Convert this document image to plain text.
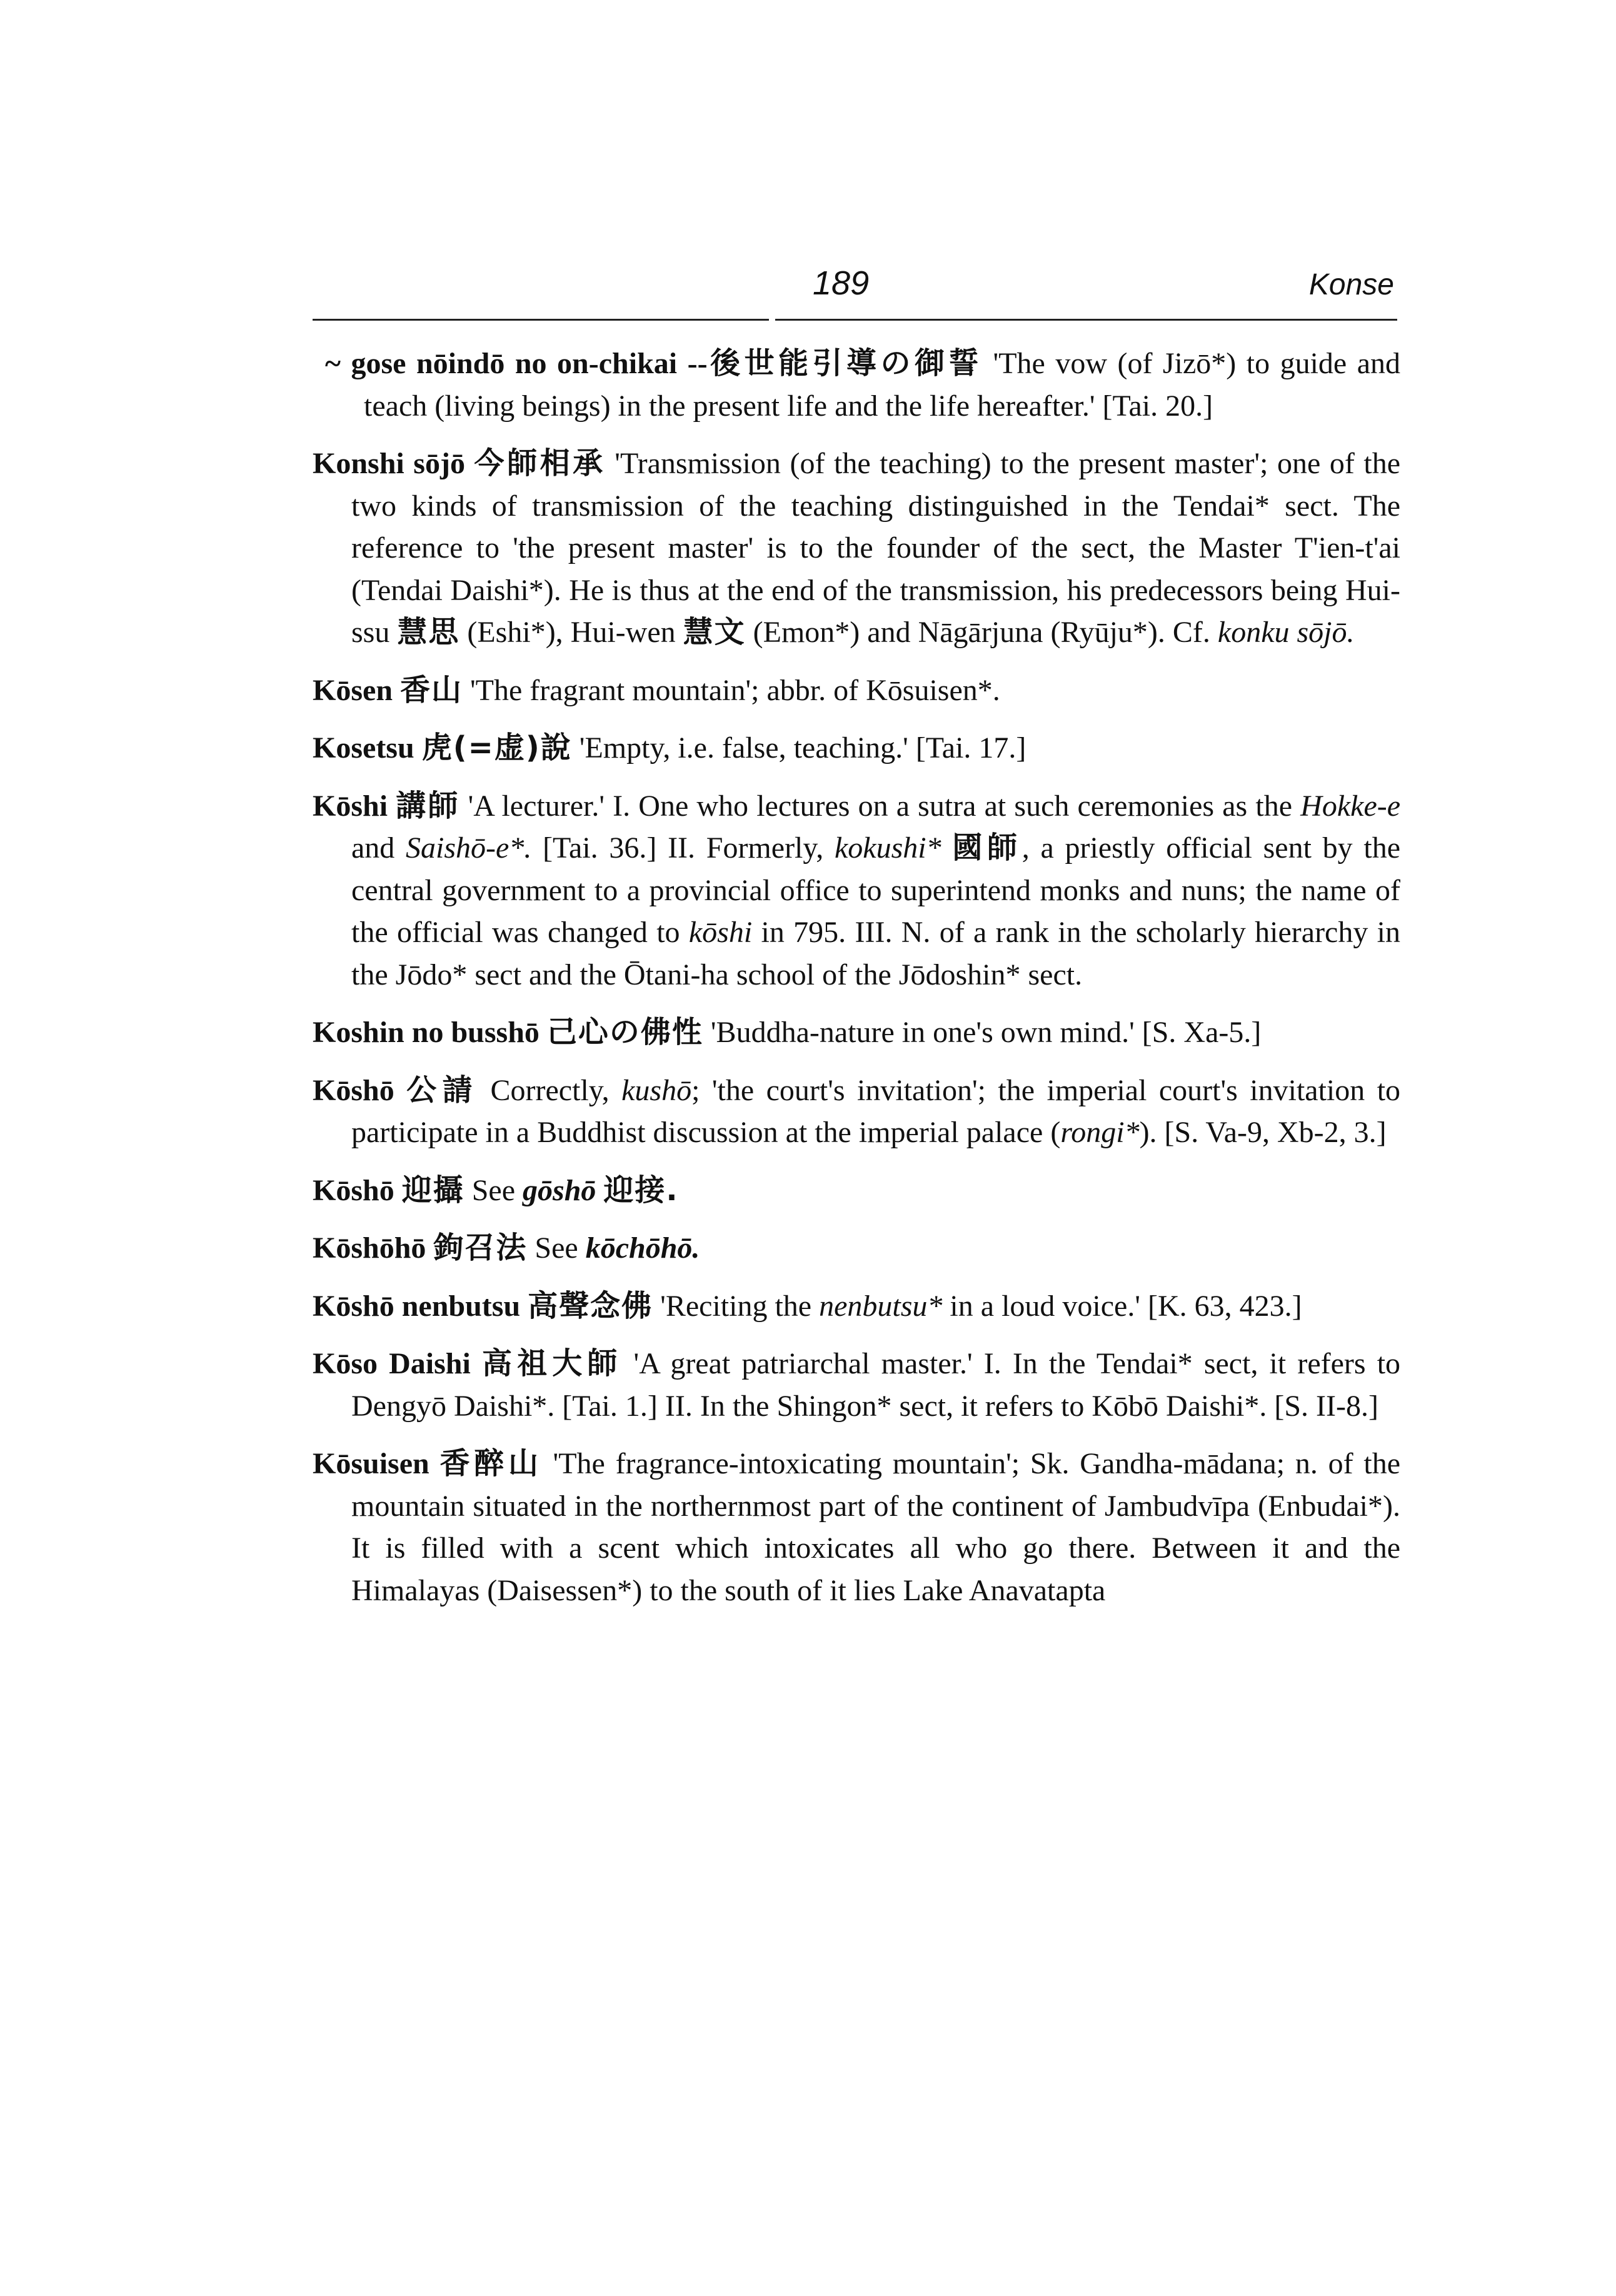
189	Konse

~ gose nōindō no on-chikai --後世能引導の御誓 'The vow (of Jizō*) to guide and teach (living beings) in the present life and the life hereafter.' [Tai. 20.]

Konshi sōjō 今師相承 'Transmission (of the teaching) to the present master'; one of the two kinds of transmission of the teaching distinguished in the Tendai* sect. The reference to 'the present master' is to the founder of the sect, the Master T'ien-t'ai (Tendai Daishi*). He is thus at the end of the transmission, his predecessors being Hui-ssu 慧思 (Eshi*), Hui-wen 慧文 (Emon*) and Nāgārjuna (Ryūju*). Cf. konku sōjō.

Kōsen 香山 'The fragrant mountain'; abbr. of Kōsuisen*.

Kosetsu 虎(=虚)說 'Empty, i.e. false, teaching.' [Tai. 17.]

Kōshi 講師 'A lecturer.' I. One who lectures on a sutra at such ceremonies as the Hokke-e and Saishō-e*. [Tai. 36.] II. Formerly, kokushi* 國師, a priestly official sent by the central government to a provincial office to superintend monks and nuns; the name of the official was changed to kōshi in 795. III. N. of a rank in the scholarly hierarchy in the Jōdo* sect and the Ōtani-ha school of the Jōdoshin* sect.

Koshin no busshō 己心の佛性 'Buddha-nature in one's own mind.' [S. Xa-5.]

Kōshō 公請 Correctly, kushō; 'the court's invitation'; the imperial court's invitation to participate in a Buddhist discussion at the imperial palace (rongi*). [S. Va-9, Xb-2, 3.]

Kōshō 迎攝 See gōshō 迎接.

Kōshōhō 鉤召法 See kōchōhō.

Kōshō nenbutsu 高聲念佛 'Reciting the nenbutsu* in a loud voice.' [K. 63, 423.]

Kōso Daishi 高祖大師 'A great patriarchal master.' I. In the Tendai* sect, it refers to Dengyō Daishi*. [Tai. 1.] II. In the Shingon* sect, it refers to Kōbō Daishi*. [S. II-8.]

Kōsuisen 香醉山 'The fragrance-intoxicating mountain'; Sk. Gandha-mādana; n. of the mountain situated in the northernmost part of the continent of Jambudvīpa (Enbudai*). It is filled with a scent which intoxicates all who go there. Between it and the Himalayas (Daisessen*) to the south of it lies Lake Anavatapta
